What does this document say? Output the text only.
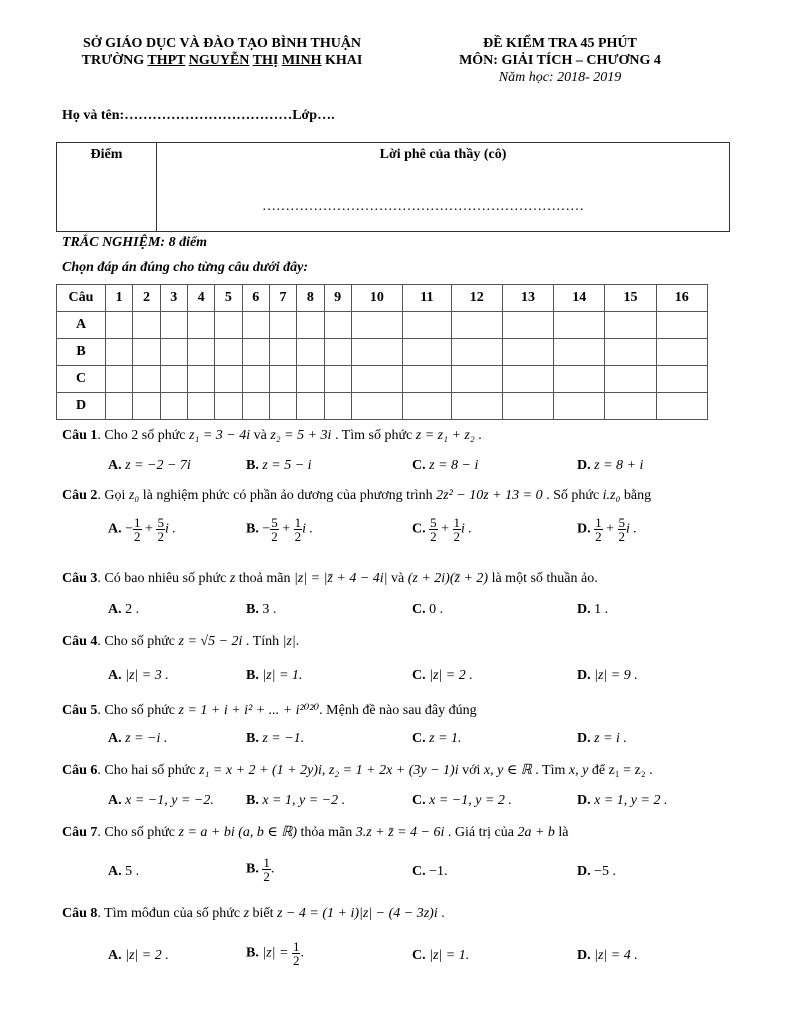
SỞ GIÁO DỤC VÀ ĐÀO TẠO BÌNH THUẬN
TRƯỜNG THPT NGUYỄN THỊ MINH KHAI
ĐỀ KIỂM TRA 45 PHÚT
MÔN: GIẢI TÍCH – CHƯƠNG 4
Năm học: 2018- 2019
Họ và tên:………………………………Lớp….
Điểm	Lời phê của thầy (cô)
……………………………………………………………
TRẮC NGHIỆM: 8 điểm
Chọn đáp án đúng cho từng câu dưới đây:
Câu	1	2	3	4	5	6	7	8	9	10	11	12	13	14	15	16
A																
B																
C																
D																
Câu 1. Cho 2 số phức z₁ = 3 − 4i và z₂ = 5 + 3i . Tìm số phức z = z₁ + z₂ .
A. z = −2 − 7i	B. z = 5 − i	C. z = 8 − i	D. z = 8 + i
Câu 2. Gọi z₀ là nghiệm phức có phần ảo dương của phương trình 2z² − 10z + 13 = 0 . Số phức i.z₀ bằng
A. − $\frac{1}{2} + \frac{5}{2}$ i .	B. − $\frac{5}{2} + \frac{1}{2}$ i .	C. $\frac{5}{2} + \frac{1}{2}$ i .	D. $\frac{1}{2} + \frac{5}{2}$ i .
Câu 3. Có bao nhiêu số phức z thoả mãn |z| = |z̄ + 4 − 4i| và (z + 2i)(z̄ + 2) là một số thuần ảo.
A. 2 .	B. 3 .	C. 0 .	D. 1 .
Câu 4. Cho số phức z = √5 − 2i . Tính |z|.
A. |z| = 3 .	B. |z| = 1.	C. |z| = 2 .	D. |z| = 9 .
Câu 5. Cho số phức z = 1 + i + i² + ... + i²⁰²⁰. Mệnh đề nào sau đây đúng
A. z = −i .	B. z = −1.	C. z = 1.	D. z = i .
Câu 6. Cho hai số phức z₁ = x + 2 + (1 + 2y)i, z₂ = 1 + 2x + (3y − 1)i với x, y ∈ ℝ . Tìm x, y để z₁ = z₂ .
A. x = −1, y = −2. B. x = 1, y = −2 .	C. x = −1, y = 2 .	D. x = 1, y = 2 .
Câu 7. Cho số phức z = a + bi (a, b ∈ ℝ) thỏa mãn 3.z + z̄ = 4 − 6i . Giá trị của 2a + b là
A. 5 .	B. $\frac{1}{2}$ .	C. −1.	D. −5 .
Câu 8. Tìm môđun của số phức z biết z − 4 = (1 + i)|z| − (4 − 3z)i .
A. |z| = 2 .	B. $|z| = \frac{1}{2}$ .	C. |z| = 1.	D. |z| = 4 .
